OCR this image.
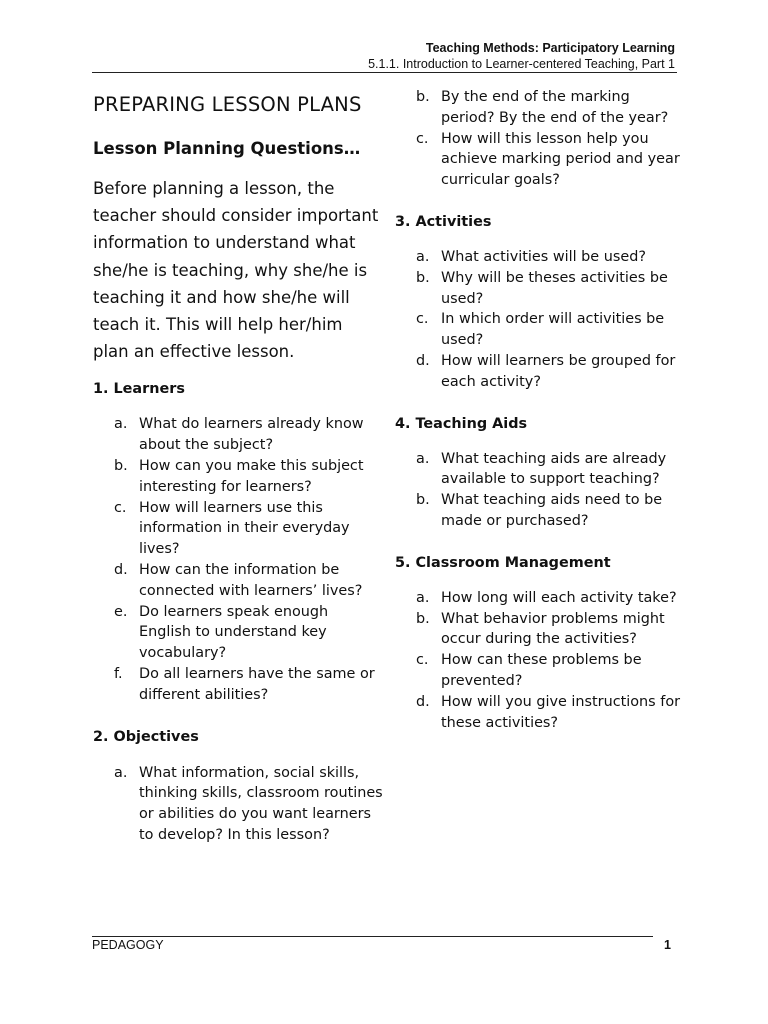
Teaching Methods: Participatory Learning
5.1.1. Introduction to Learner-centered Teaching, Part 1
PREPARING LESSON PLANS
Lesson Planning Questions…
Before planning a lesson, the teacher should consider important information to understand what she/he is teaching, why she/he is teaching it and how she/he will teach it. This will help her/him plan an effective lesson.
1. Learners
a. What do learners already know about the subject?
b. How can you make this subject interesting for learners?
c. How will learners use this information in their everyday lives?
d. How can the information be connected with learners’ lives?
e. Do learners speak enough English to understand key vocabulary?
f. Do all learners have the same or different abilities?
2. Objectives
a. What information, social skills, thinking skills, classroom routines or abilities do you want learners to develop? In this lesson?
b. By the end of the marking period? By the end of the year?
c. How will this lesson help you achieve marking period and year curricular goals?
3. Activities
a. What activities will be used?
b. Why will be theses activities be used?
c. In which order will activities be used?
d. How will learners be grouped for each activity?
4. Teaching Aids
a. What teaching aids are already available to support teaching?
b. What teaching aids need to be made or purchased?
5. Classroom Management
a. How long will each activity take?
b. What behavior problems might occur during the activities?
c. How can these problems be prevented?
d. How will you give instructions for these activities?
PEDAGOGY	1
